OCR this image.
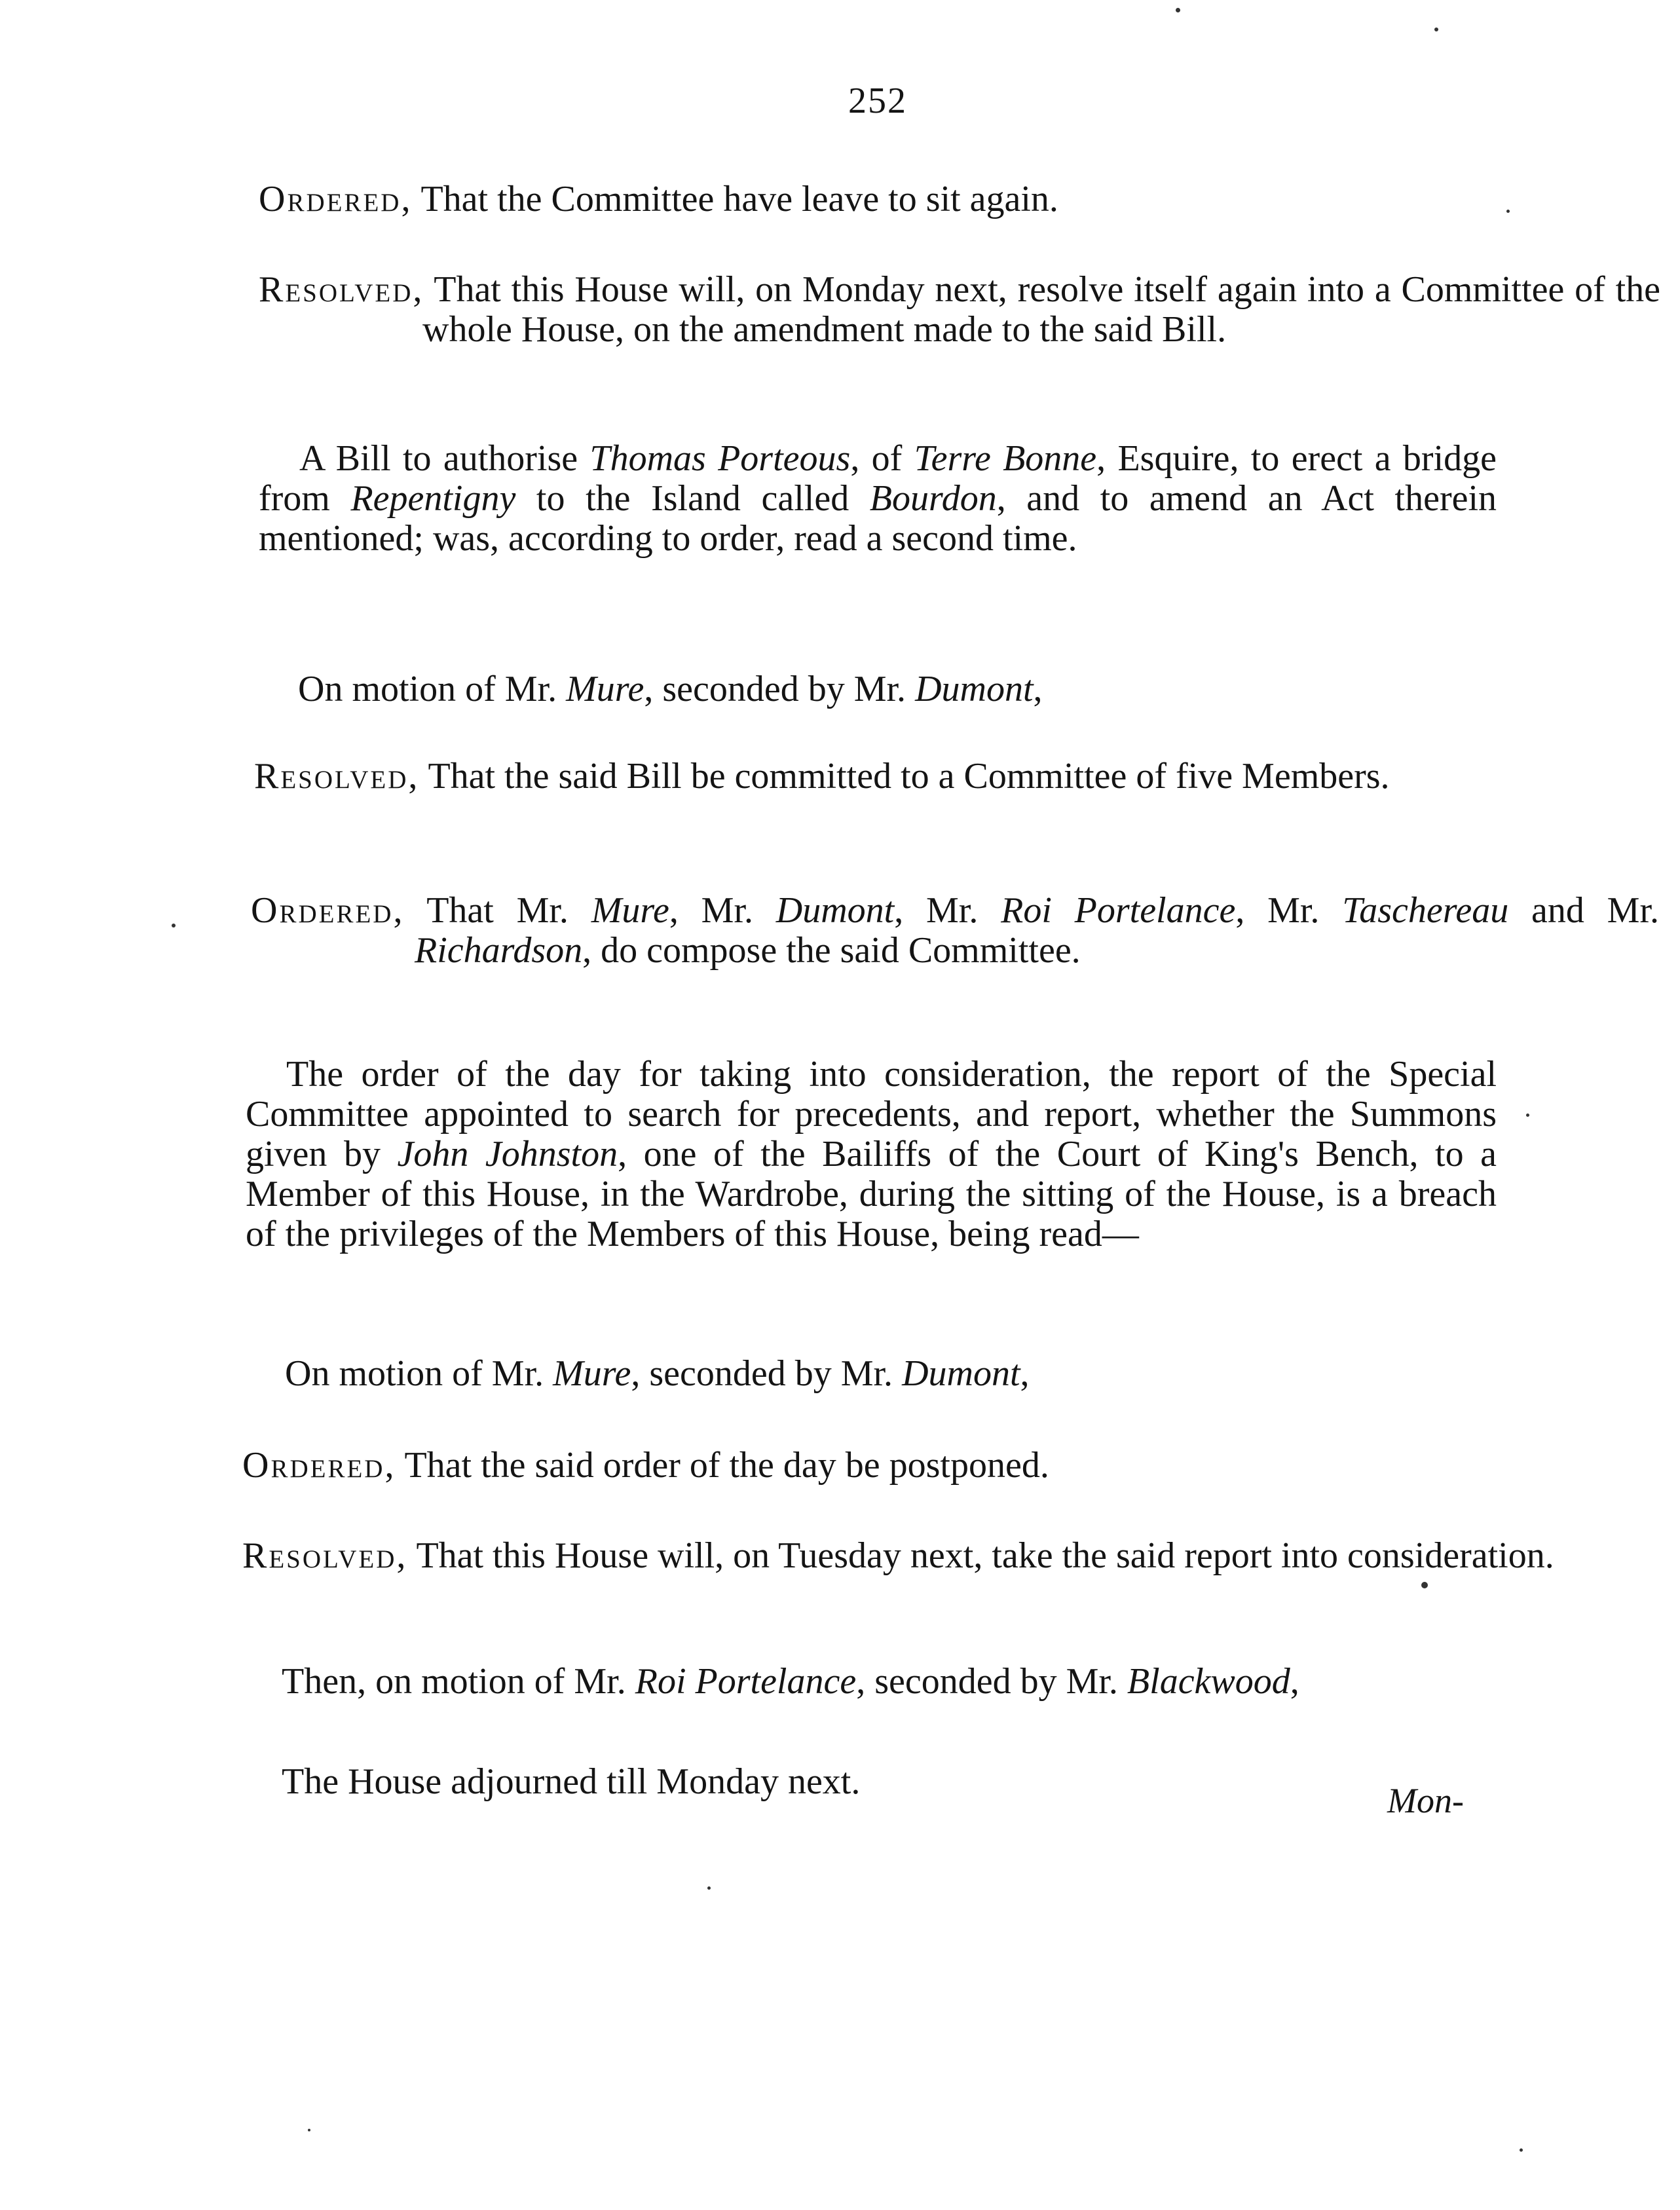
252
Ordered, That the Committee have leave to sit again.
Resolved, That this House will, on Monday next, resolve itself again into a Committee of the whole House, on the amendment made to the said Bill.
A Bill to authorise Thomas Porteous, of Terre Bonne, Esquire, to erect a bridge from Repentigny to the Island called Bourdon, and to amend an Act therein mentioned; was, according to order, read a second time.
On motion of Mr. Mure, seconded by Mr. Dumont,
Resolved, That the said Bill be committed to a Committee of five Members.
Ordered, That Mr. Mure, Mr. Dumont, Mr. Roi Portelance, Mr. Taschereau and Mr. Richardson, do compose the said Committee.
The order of the day for taking into consideration, the report of the Special Committee appointed to search for precedents, and report, whether the Summons given by John Johnston, one of the Bailiffs of the Court of King's Bench, to a Member of this House, in the Wardrobe, during the sitting of the House, is a breach of the privileges of the Members of this House, being read—
On motion of Mr. Mure, seconded by Mr. Dumont,
Ordered, That the said order of the day be postponed.
Resolved, That this House will, on Tuesday next, take the said report into consideration.
Then, on motion of Mr. Roi Portelance, seconded by Mr. Blackwood,
The House adjourned till Monday next.	Mon-
